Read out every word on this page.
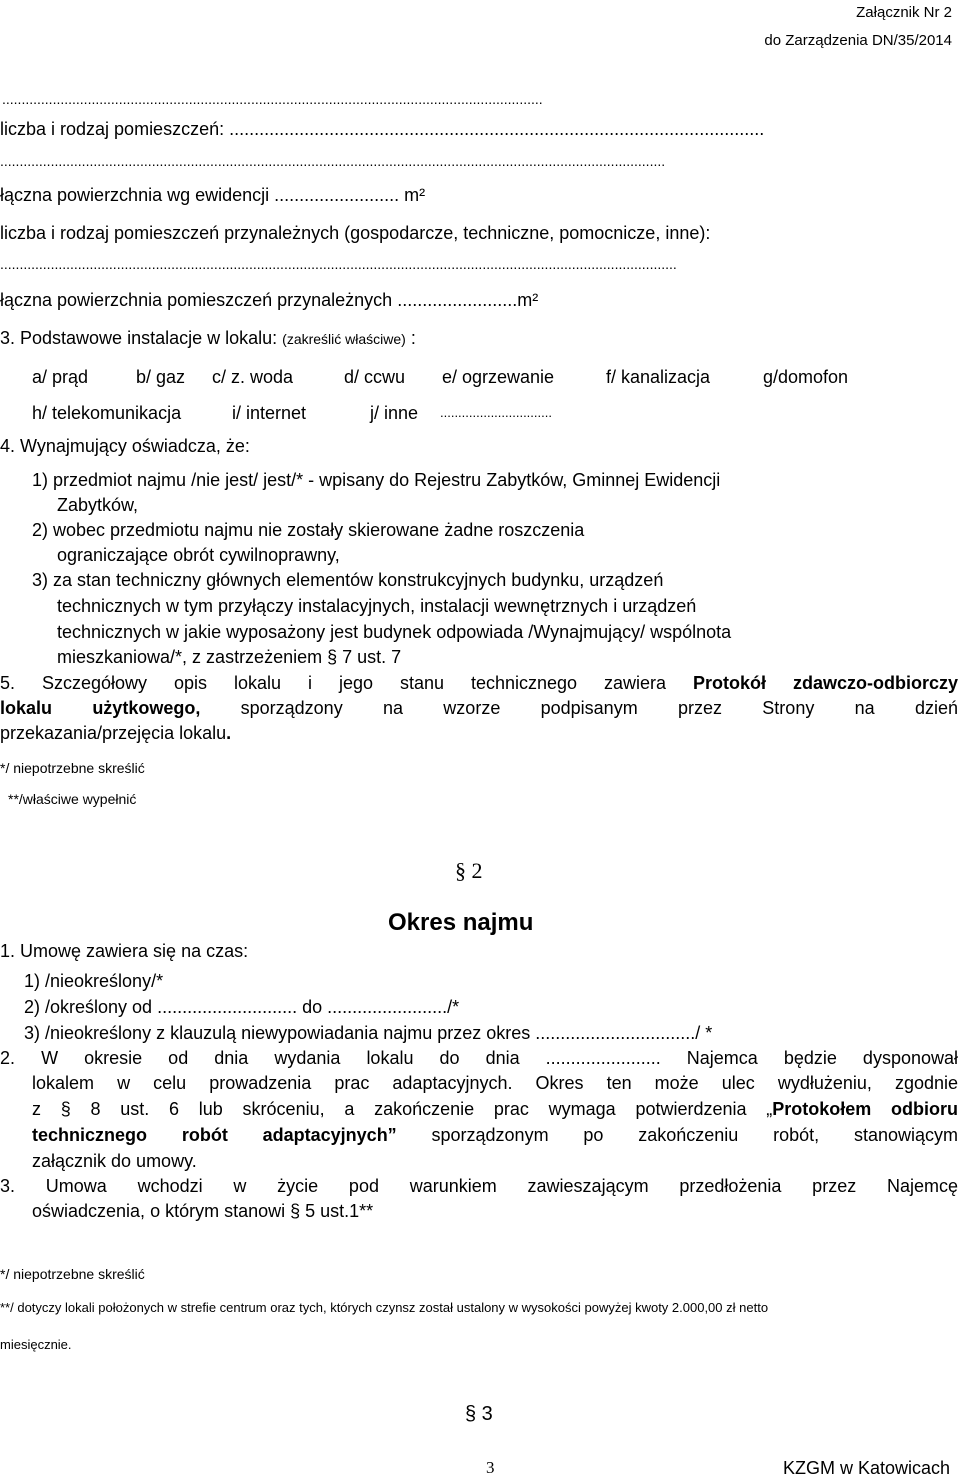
Załącznik Nr 2
do Zarządzenia DN/35/2014
...........................................................................................................................................
liczba i rodzaj pomieszczeń: ...........................................................................................................
...........................................................................................................................................................................
łączna powierzchnia wg ewidencji ......................... m²
liczba i rodzaj pomieszczeń przynależnych (gospodarcze, techniczne, pomocnicze, inne):
..............................................................................................................................................................................
łączna powierzchnia pomieszczeń przynależnych ........................m²
3. Podstawowe instalacje w lokalu: (zakreślić właściwe) :
a/ prąd	b/ gaz c/ z. woda	d/ ccwu e/ ogrzewanie	f/ kanalizacja	g/domofon
h/ telekomunikacja	i/ internet	j/ inne ...............................
4. Wynajmujący oświadcza, że:
1) przedmiot najmu /nie jest/ jest/* - wpisany do Rejestru Zabytków, Gminnej Ewidencji
Zabytków,
2) wobec przedmiotu najmu nie zostały skierowane żadne roszczenia
ograniczające obrót cywilnoprawny,
3) za stan techniczny głównych elementów konstrukcyjnych budynku, urządzeń
technicznych w tym przyłączy instalacyjnych, instalacji wewnętrznych i urządzeń
technicznych w jakie wyposażony jest budynek odpowiada /Wynajmujący/ wspólnota
mieszkaniowa/*, z zastrzeżeniem § 7 ust. 7
5. Szczegółowy opis lokalu i jego stanu technicznego zawiera Protokół zdawczo-odbiorczy
lokalu użytkowego, sporządzony na wzorze podpisanym przez Strony na dzień
przekazania/przejęcia lokalu.
*/ niepotrzebne skreślić
**/właściwe wypełnić
§ 2
Okres najmu
1. Umowę zawiera się na czas:
1) /nieokreślony/*
2) /określony od ............................ do ......................../*
3) /nieokreślony z klauzulą niewypowiadania najmu przez okres ................................/ *
2. W okresie od dnia wydania lokalu do dnia ....................... Najemca będzie dysponował
lokalem w celu prowadzenia prac adaptacyjnych. Okres ten może ulec wydłużeniu, zgodnie
z § 8 ust. 6 lub skróceniu, a zakończenie prac wymaga potwierdzenia „Protokołem odbioru
technicznego robót adaptacyjnych” sporządzonym po zakończeniu robót, stanowiącym
załącznik do umowy.
3. Umowa wchodzi w życie pod warunkiem zawieszającym przedłożenia przez Najemcę
oświadczenia, o którym stanowi § 5 ust.1**
*/ niepotrzebne skreślić
**/ dotyczy lokali położonych w strefie centrum oraz tych, których czynsz został ustalony w wysokości powyżej kwoty 2.000,00 zł netto
miesięcznie.
§ 3
3	KZGM w Katowicach
